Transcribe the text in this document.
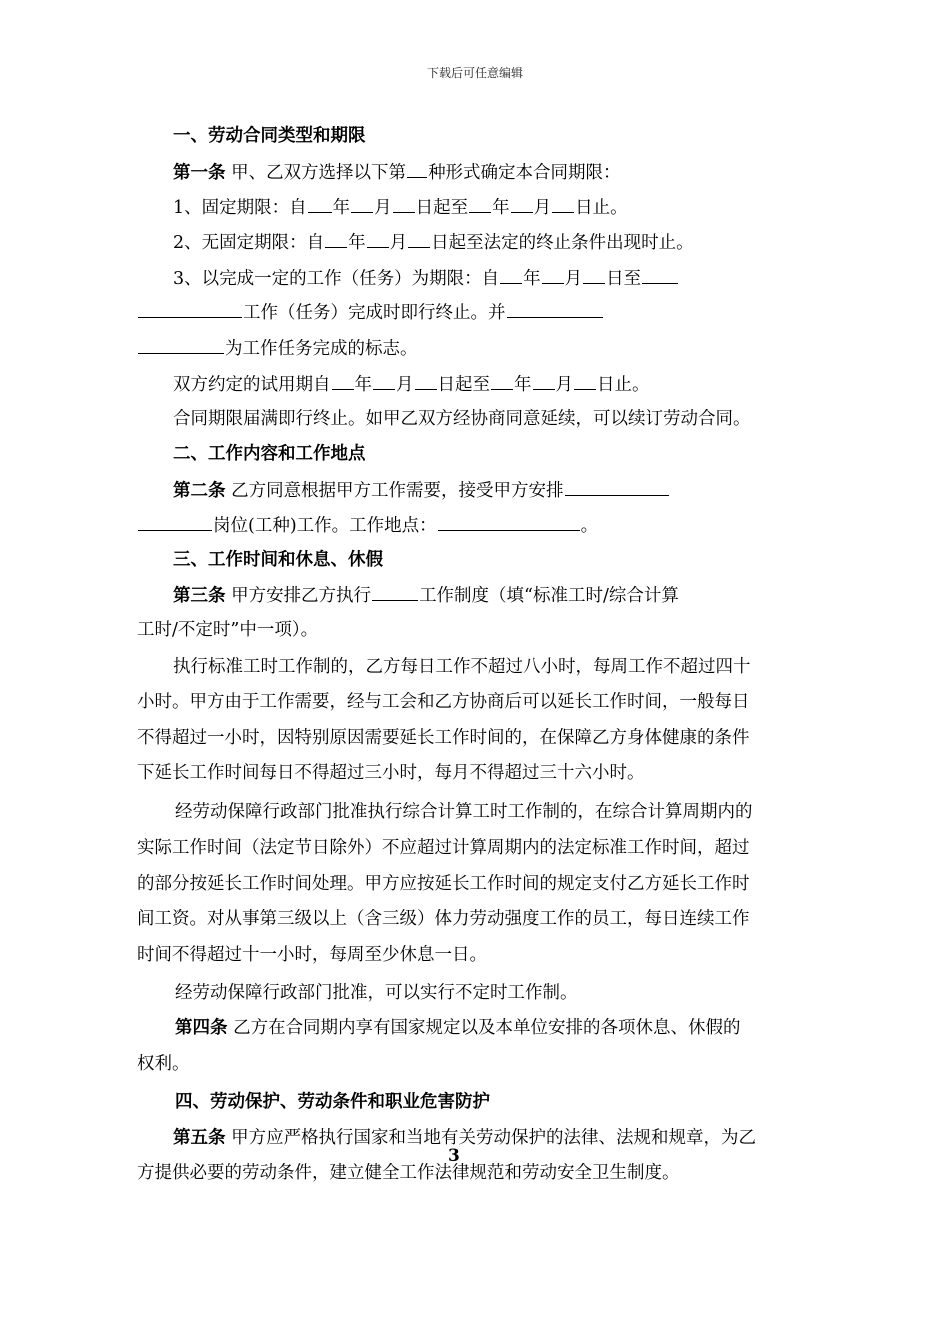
下载后可任意编辑
一、劳动合同类型和期限
第一条 甲、乙双方选择以下第 种形式确定本合同期限：
1、固定期限：自 年 月 日起至 年 月 日止。
2、无固定期限：自 年 月 日起至法定的终止条件出现时止。
3、以完成一定的工作（任务）为期限：自 年 月 日至
工作（任务）完成时即行终止。并
为工作任务完成的标志。
双方约定的试用期自 年 月 日起至 年 月 日止。
合同期限届满即行终止。如甲乙双方经协商同意延续，可以续订劳动合同。
二、工作内容和工作地点
第二条 乙方同意根据甲方工作需要，接受甲方安排
岗位(工种)工作。工作地点：	。
三、工作时间和休息、休假
第三条 甲方安排乙方执行	工作制度（填“标准工时/综合计算
工时/不定时”中一项）。
执行标准工时工作制的，乙方每日工作不超过八小时，每周工作不超过四十
小时。甲方由于工作需要，经与工会和乙方协商后可以延长工作时间，一般每日
不得超过一小时，因特别原因需要延长工作时间的，在保障乙方身体健康的条件
下延长工作时间每日不得超过三小时，每月不得超过三十六小时。
经劳动保障行政部门批准执行综合计算工时工作制的，在综合计算周期内的
实际工作时间（法定节日除外）不应超过计算周期内的法定标准工作时间，超过
的部分按延长工作时间处理。甲方应按延长工作时间的规定支付乙方延长工作时
间工资。对从事第三级以上（含三级）体力劳动强度工作的员工，每日连续工作
时间不得超过十一小时，每周至少休息一日。
经劳动保障行政部门批准，可以实行不定时工作制。
第四条 乙方在合同期内享有国家规定以及本单位安排的各项休息、休假的
权利。
四、劳动保护、劳动条件和职业危害防护
第五条 甲方应严格执行国家和当地有关劳动保护的法律、法规和规章，为乙
方提供必要的劳动条件，建立健全工作法律规范和劳动安全卫生制度。
3
